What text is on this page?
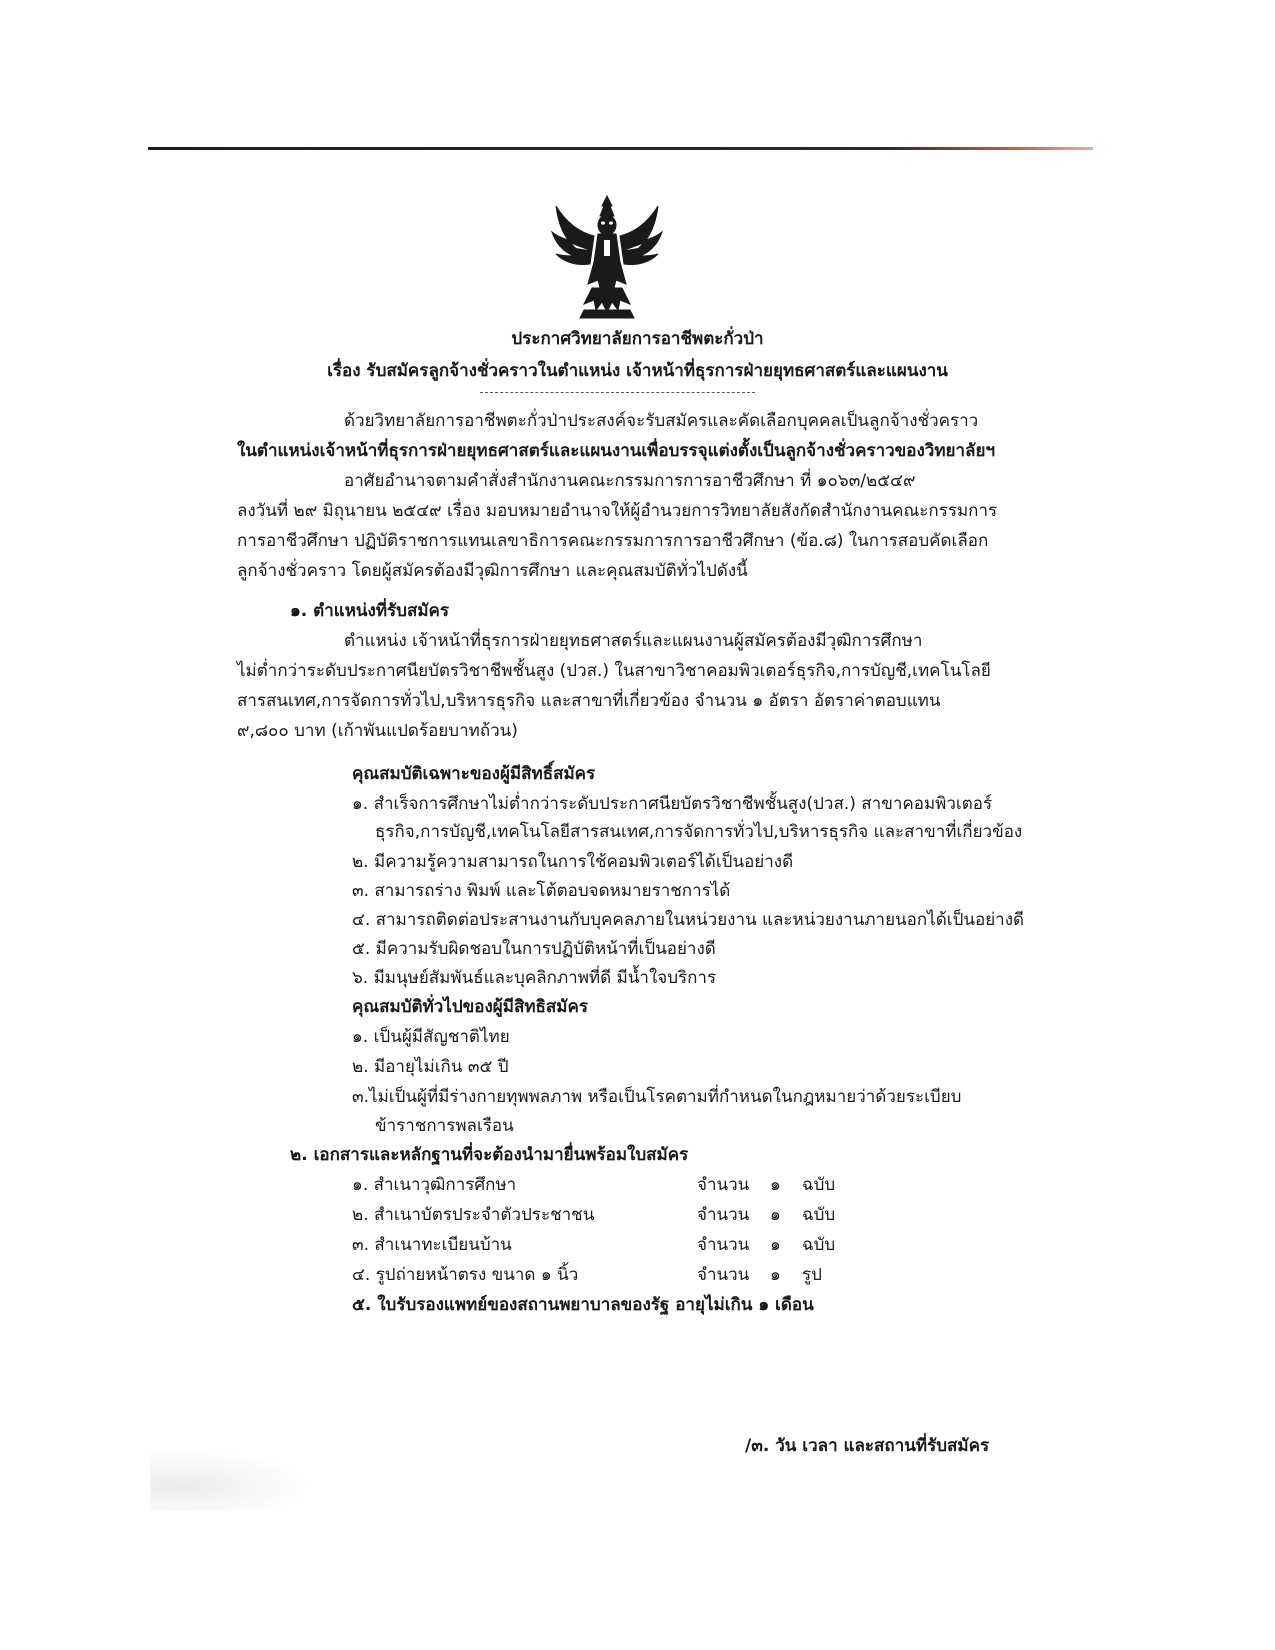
ประกาศวิทยาลัยการอาชีพตะกั่วป่า
เรื่อง รับสมัครลูกจ้างชั่วคราวในตำแหน่ง เจ้าหน้าที่ธุรการฝ่ายยุทธศาสตร์และแผนงาน
ด้วยวิทยาลัยการอาชีพตะกั่วป่าประสงค์จะรับสมัครและคัดเลือกบุคคลเป็นลูกจ้างชั่วคราว
ในตำแหน่งเจ้าหน้าที่ธุรการฝ่ายยุทธศาสตร์และแผนงานเพื่อบรรจุแต่งตั้งเป็นลูกจ้างชั่วคราวของวิทยาลัยฯ
อาศัยอำนาจตามคำสั่งสำนักงานคณะกรรมการการอาชีวศึกษา ที่ ๑๐๖๓/๒๕๔๙
ลงวันที่ ๒๙ มิถุนายน ๒๕๔๙ เรื่อง มอบหมายอำนาจให้ผู้อำนวยการวิทยาลัยสังกัดสำนักงานคณะกรรมการ
การอาชีวศึกษา ปฏิบัติราชการแทนเลขาธิการคณะกรรมการการอาชีวศึกษา (ข้อ.๘) ในการสอบคัดเลือก
ลูกจ้างชั่วคราว โดยผู้สมัครต้องมีวุฒิการศึกษา และคุณสมบัติทั่วไปดังนี้
๑. ตำแหน่งที่รับสมัคร
ตำแหน่ง เจ้าหน้าที่ธุรการฝ่ายยุทธศาสตร์และแผนงานผู้สมัครต้องมีวุฒิการศึกษา
ไม่ต่ำกว่าระดับประกาศนียบัตรวิชาชีพชั้นสูง (ปวส.) ในสาขาวิชาคอมพิวเตอร์ธุรกิจ,การบัญชี,เทคโนโลยี
สารสนเทศ,การจัดการทั่วไป,บริหารธุรกิจ และสาขาที่เกี่ยวข้อง จำนวน ๑ อัตรา อัตราค่าตอบแทน
๙,๘๐๐ บาท (เก้าพันแปดร้อยบาทถ้วน)
คุณสมบัติเฉพาะของผู้มีสิทธิ์สมัคร
๑. สำเร็จการศึกษาไม่ต่ำกว่าระดับประกาศนียบัตรวิชาชีพชั้นสูง(ปวส.) สาขาคอมพิวเตอร์
ธุรกิจ,การบัญชี,เทคโนโลยีสารสนเทศ,การจัดการทั่วไป,บริหารธุรกิจ และสาขาที่เกี่ยวข้อง
๒. มีความรู้ความสามารถในการใช้คอมพิวเตอร์ได้เป็นอย่างดี
๓. สามารถร่าง พิมพ์ และโต้ตอบจดหมายราชการได้
๔. สามารถติดต่อประสานงานกับบุคคลภายในหน่วยงาน และหน่วยงานภายนอกได้เป็นอย่างดี
๕. มีความรับผิดชอบในการปฏิบัติหน้าที่เป็นอย่างดี
๖. มีมนุษย์สัมพันธ์และบุคลิกภาพที่ดี มีน้ำใจบริการ
คุณสมบัติทั่วไปของผู้มีสิทธิสมัคร
๑. เป็นผู้มีสัญชาติไทย
๒. มีอายุไม่เกิน ๓๕ ปี
๓.ไม่เป็นผู้ที่มีร่างกายทุพพลภาพ หรือเป็นโรคตามที่กำหนดในกฎหมายว่าด้วยระเบียบ
ข้าราชการพลเรือน
๒. เอกสารและหลักฐานที่จะต้องนำมายื่นพร้อมใบสมัคร
๑. สำเนาวุฒิการศึกษา	จำนวน ๑ ฉบับ
๒. สำเนาบัตรประจำตัวประชาชน	จำนวน ๑ ฉบับ
๓. สำเนาทะเบียนบ้าน	จำนวน ๑ ฉบับ
๔. รูปถ่ายหน้าตรง ขนาด ๑ นิ้ว	จำนวน ๑ รูป
๕. ใบรับรองแพทย์ของสถานพยาบาลของรัฐ อายุไม่เกิน ๑ เดือน
/๓. วัน เวลา และสถานที่รับสมัคร
